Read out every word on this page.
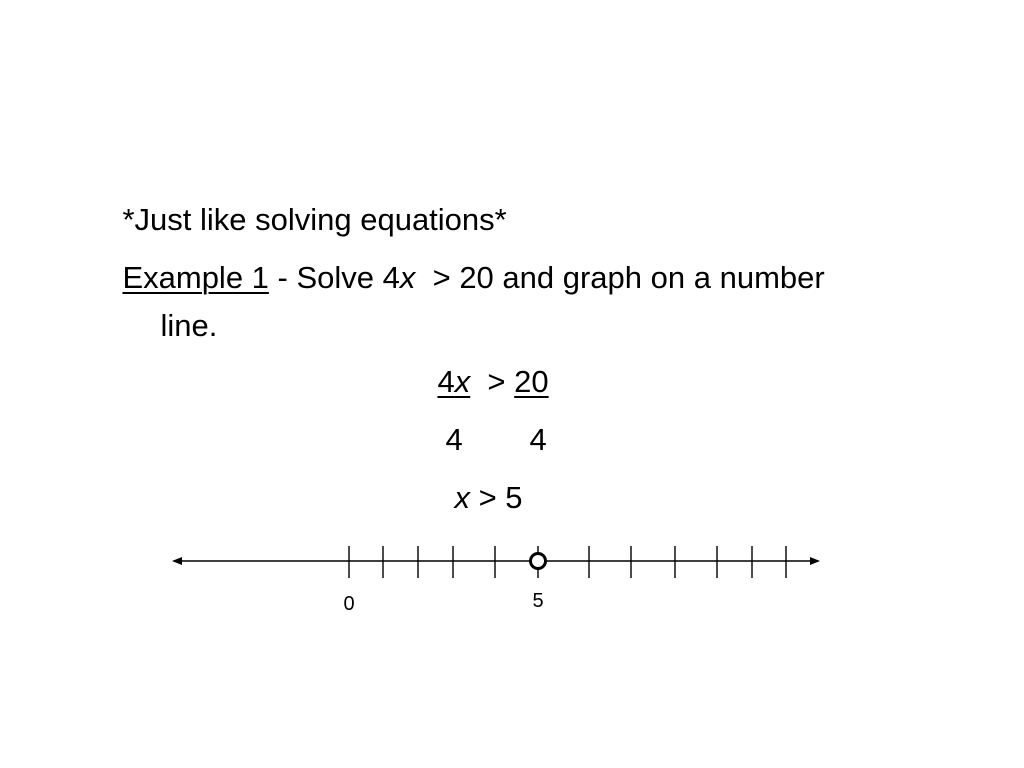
*Just like solving equations*

Example 1 - Solve 4x  > 20 and graph on a number

line.

4x  > 20

4
	4

x > 5

0	5
